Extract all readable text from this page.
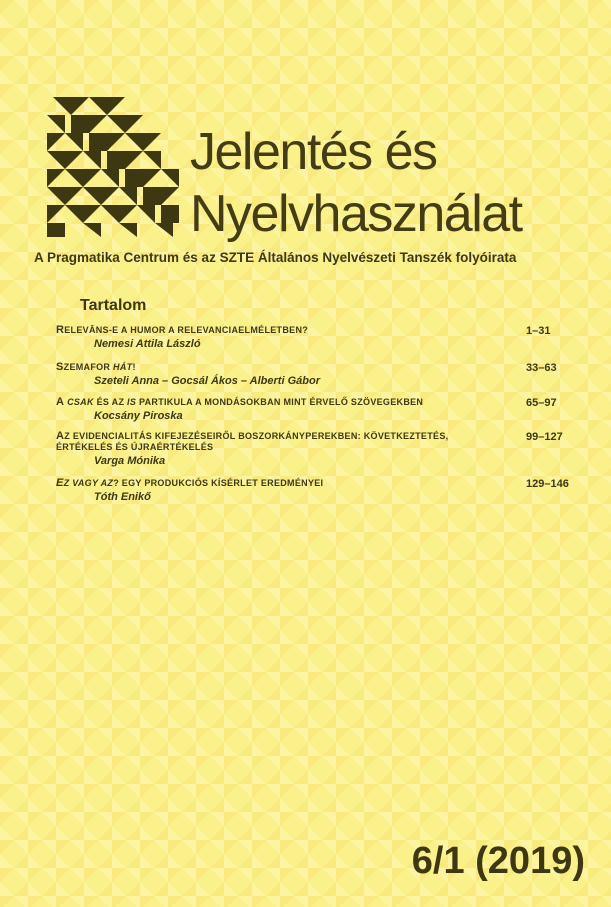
Jelentés és
Nyelvhasználat
A Pragmatika Centrum és az SZTE Általános Nyelvészeti Tanszék folyóirata
Tartalom
RELEVĀNS-E A HUMOR A RELEVANCIAELMÉLETBEN?
Nemesi Attila László
1–31
SZEMAFOR HÁT!
Szeteli Anna – Gocsál Ákos – Alberti Gábor
33–63
A CSAK ÉS AZ IS PARTIKULA A MONDÁSOKBAN MINT ÉRVELŐ SZÖVEGEKBEN
Kocsány Piroska
65–97
AZ EVIDENCIALITÁS KIFEJEZÉSEIRŐL BOSZORKÁNYPEREKBEN: KÖVETKEZTETÉS, ÉRTÉKELÉS ÉS ÚJRAÉRTÉKELÉS
Varga Mónika
99–127
EZ VAGY AZ? EGY PRODUKCIÓS KÍSÉRLET EREDMÉNYEI
Tóth Enikő
129–146
6/1 (2019)
